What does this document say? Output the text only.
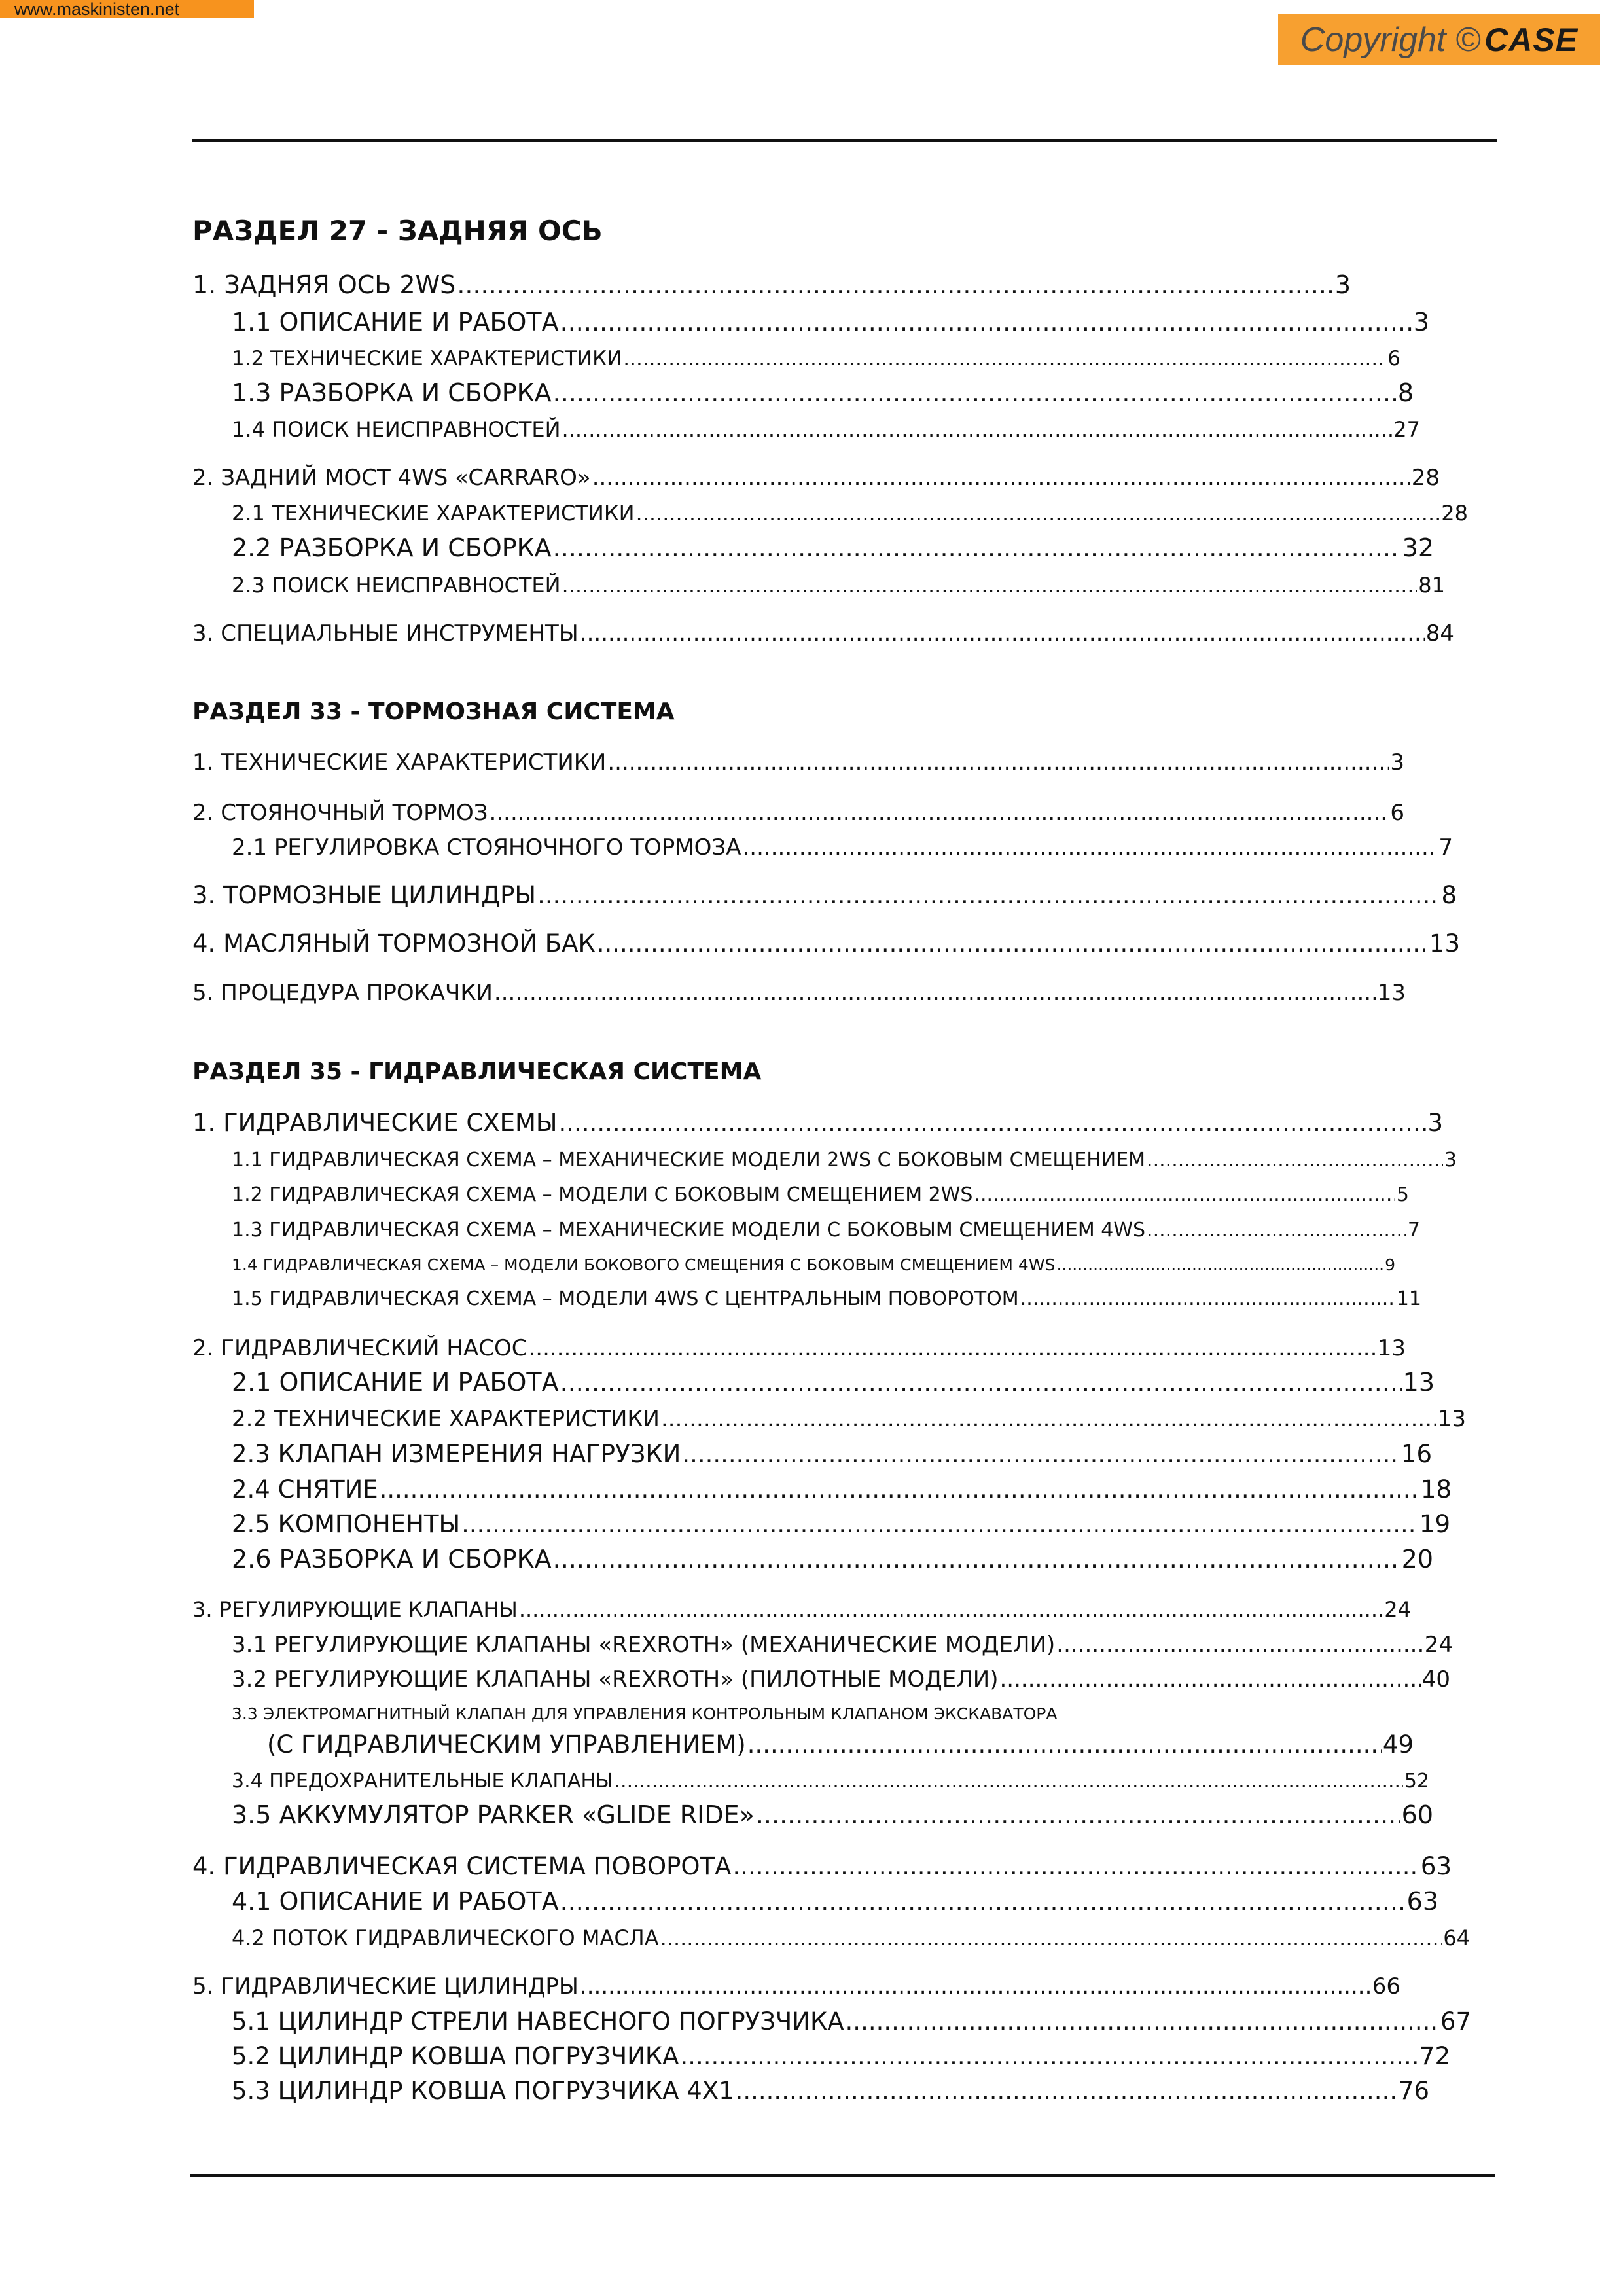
www.maskinisten.net
Copyright © CASE
РАЗДЕЛ 27 - ЗАДНЯЯ ОСЬ
1. ЗАДНЯЯ ОСЬ 2WS .....	3
1.1 ОПИСАНИЕ И РАБОТА .....	3
1.2 ТЕХНИЧЕСКИЕ ХАРАКТЕРИСТИКИ .....	6
1.3 РАЗБОРКА И СБОРКА .....	8
1.4 ПОИСК НЕИСПРАВНОСТЕЙ .....	27
2. ЗАДНИЙ МОСТ 4WS «CARRARO» .....	28
2.1 ТЕХНИЧЕСКИЕ ХАРАКТЕРИСТИКИ .....	28
2.2 РАЗБОРКА И СБОРКА .....	32
2.3 ПОИСК НЕИСПРАВНОСТЕЙ .....	81
3. СПЕЦИАЛЬНЫЕ ИНСТРУМЕНТЫ .....	84
РАЗДЕЛ 33 - ТОРМОЗНАЯ СИСТЕМА
1. ТЕХНИЧЕСКИЕ ХАРАКТЕРИСТИКИ .....	3
2. СТОЯНОЧНЫЙ ТОРМОЗ .....	6
2.1 РЕГУЛИРОВКА СТОЯНОЧНОГО ТОРМОЗА .....	7
3. ТОРМОЗНЫЕ ЦИЛИНДРЫ .....	8
4. МАСЛЯНЫЙ ТОРМОЗНОЙ БАК .....	13
5. ПРОЦЕДУРА ПРОКАЧКИ .....	13
РАЗДЕЛ 35 - ГИДРАВЛИЧЕСКАЯ СИСТЕМА
1. ГИДРАВЛИЧЕСКИЕ СХЕМЫ .....	3
1.1 ГИДРАВЛИЧЕСКАЯ СХЕМА – МЕХАНИЧЕСКИЕ МОДЕЛИ 2WS С БОКОВЫМ СМЕЩЕНИЕМ .....	3
1.2 ГИДРАВЛИЧЕСКАЯ СХЕМА – МОДЕЛИ С БОКОВЫМ СМЕЩЕНИЕМ 2WS .....	5
1.3 ГИДРАВЛИЧЕСКАЯ СХЕМА – МЕХАНИЧЕСКИЕ МОДЕЛИ С БОКОВЫМ СМЕЩЕНИЕМ 4WS .....	7
1.4 ГИДРАВЛИЧЕСКАЯ СХЕМА – МОДЕЛИ БОКОВОГО СМЕЩЕНИЯ С БОКОВЫМ СМЕЩЕНИЕМ 4WS .....	9
1.5 ГИДРАВЛИЧЕСКАЯ СХЕМА – МОДЕЛИ 4WS С ЦЕНТРАЛЬНЫМ ПОВОРОТОМ .....	11
2. ГИДРАВЛИЧЕСКИЙ НАСОС .....	13
2.1 ОПИСАНИЕ И РАБОТА .....	13
2.2 ТЕХНИЧЕСКИЕ ХАРАКТЕРИСТИКИ .....	13
2.3 КЛАПАН ИЗМЕРЕНИЯ НАГРУЗКИ .....	16
2.4 СНЯТИЕ .....	18
2.5 КОМПОНЕНТЫ .....	19
2.6 РАЗБОРКА И СБОРКА .....	20
3. РЕГУЛИРУЮЩИЕ КЛАПАНЫ .....	24
3.1 РЕГУЛИРУЮЩИЕ КЛАПАНЫ «REXROTH» (МЕХАНИЧЕСКИЕ МОДЕЛИ) .....	24
3.2 РЕГУЛИРУЮЩИЕ КЛАПАНЫ «REXROTH» (ПИЛОТНЫЕ МОДЕЛИ) .....	40
3.3 ЭЛЕКТРОМАГНИТНЫЙ КЛАПАН ДЛЯ УПРАВЛЕНИЯ КОНТРОЛЬНЫМ КЛАПАНОМ ЭКСКАВАТОРА
(С ГИДРАВЛИЧЕСКИМ УПРАВЛЕНИЕМ) .....	49
3.4 ПРЕДОХРАНИТЕЛЬНЫЕ КЛАПАНЫ .....	52
3.5 АККУМУЛЯТОР PARKER «GLIDE RIDE» .....	60
4. ГИДРАВЛИЧЕСКАЯ СИСТЕМА ПОВОРОТА .....	63
4.1 ОПИСАНИЕ И РАБОТА .....	63
4.2 ПОТОК ГИДРАВЛИЧЕСКОГО МАСЛА .....	64
5. ГИДРАВЛИЧЕСКИЕ ЦИЛИНДРЫ .....	66
5.1 ЦИЛИНДР СТРЕЛИ НАВЕСНОГО ПОГРУЗЧИКА .....	67
5.2 ЦИЛИНДР КОВША ПОГРУЗЧИКА .....	72
5.3 ЦИЛИНДР КОВША ПОГРУЗЧИКА 4X1 .....	76
